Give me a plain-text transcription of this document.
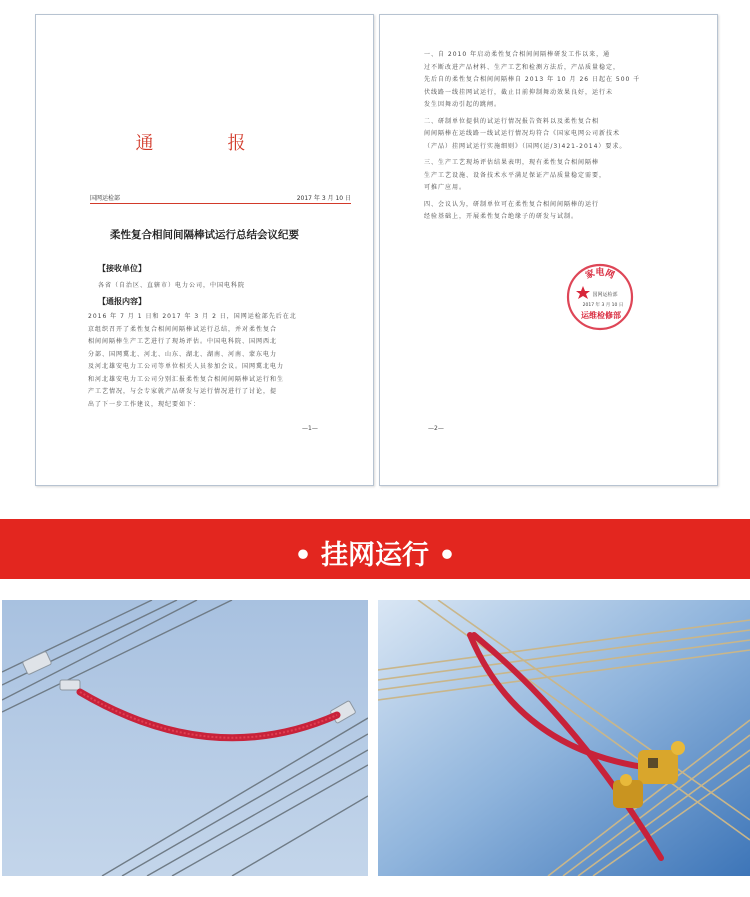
通　报
国网运检部	2017 年 3 月 10 日
柔性复合相间间隔棒试运行总结会议纪要
【接收单位】
各省（自治区、直辖市）电力公司，中国电科院
【通报内容】
2016 年 7 月 1 日和 2017 年 3 月 2 日，国网运检部先后在北
京组织召开了柔性复合相间间隔棒试运行总结，并对柔性复合
相间间隔棒生产工艺进行了现场评估。中国电科院、国网西北
分部、国网冀北、河北、山东、湖北、湖南、河南、蒙东电力
及河北雄安电力工公司等单位相关人员参加会议。国网冀北电力
和河北雄安电力工公司分别汇报柔性复合相间间隔棒试运行和生
产工艺情况，与会专家就产品研发与运行情况进行了讨论，提
出了下一步工作建议，现纪要如下：
—1—
一、自 2010 年启动柔性复合相间间隔棒研发工作以来，通
过不断改进产品材料、生产工艺和检测方法后，产品质量稳定，
先后自的柔性复合相间间隔棒自 2013 年 10 月 26 日起在 500 千
伏线路一线挂网试运行，截止目前抑制舞动效果良好，运行未
发生因舞动引起的跳闸。
二、研制单位提供的试运行情况报告资料以及柔性复合相
间间隔棒在运线路一线试运行情况均符合《国家电网公司新技术
（产品）挂网试运行实施细则》（国网(运/3)421-2014）要求。
三、生产工艺现场评估结果表明，现有柔性复合相间隔棒
生产工艺设施、设备技术水平满足保证产品质量稳定需要，
可推广应用。
四、会议认为，研制单位可在柔性复合相间间隔棒的运行
经验基础上，开展柔性复合绝缘子的研发与试制。
家电网
国网运检部
2017 年 3 月 10 日
运维检修部
—2—
• 挂网运行 •
